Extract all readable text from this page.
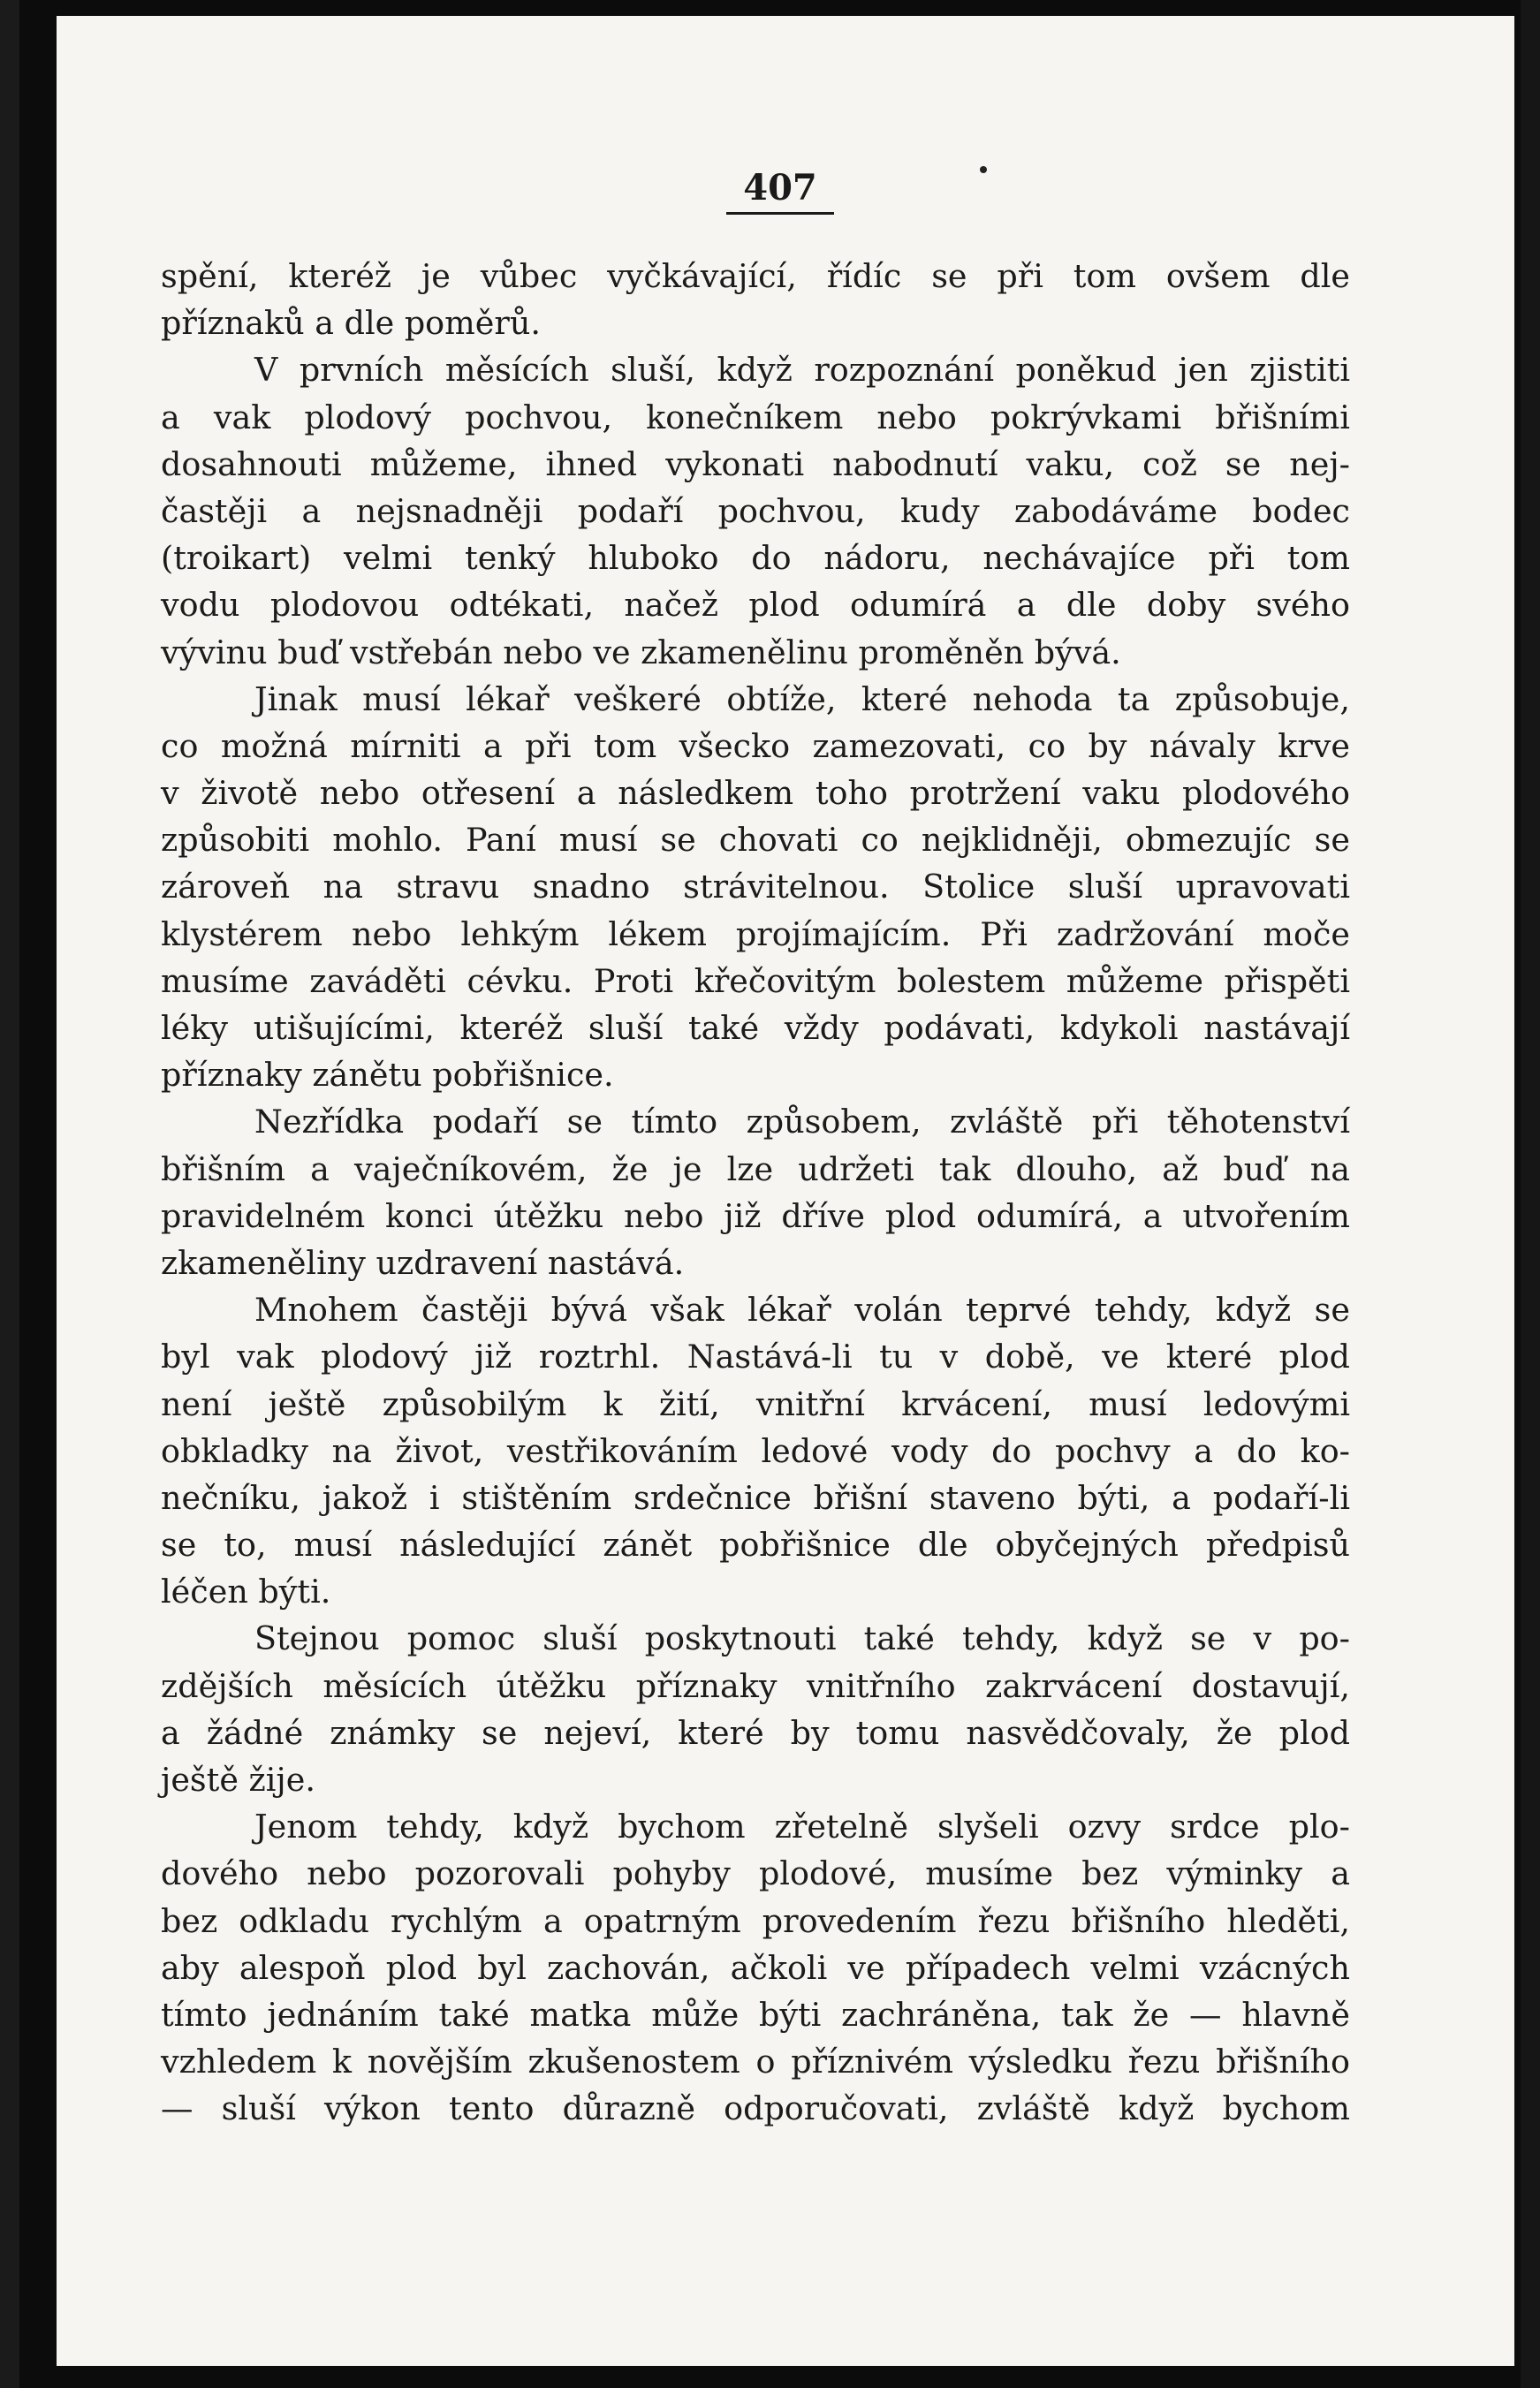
407
spění, kteréž je vůbec vyčkávající, řídíc se při tom ovšem dle
příznaků a dle poměrů.
V prvních měsících sluší, když rozpoznání poněkud jen zjistiti
a vak plodový pochvou, konečníkem nebo pokrývkami břišními
dosahnouti můžeme, ihned vykonati nabodnutí vaku, což se nej-
častěji a nejsnadněji podaří pochvou, kudy zabodáváme bodec
(troikart) velmi tenký hluboko do nádoru, nechávajíce při tom
vodu plodovou odtékati, načež plod odumírá a dle doby svého
vývinu buď vstřebán nebo ve zkamenělinu proměněn bývá.
Jinak musí lékař veškeré obtíže, které nehoda ta způsobuje,
co možná mírniti a při tom všecko zamezovati, co by návaly krve
v životě nebo otřesení a následkem toho protržení vaku plodového
způsobiti mohlo. Paní musí se chovati co nejklidněji, obmezujíc se
zároveň na stravu snadno strávitelnou. Stolice sluší upravovati
klystérem nebo lehkým lékem projímajícím. Při zadržování moče
musíme zaváděti cévku. Proti křečovitým bolestem můžeme přispěti
léky utišujícími, kteréž sluší také vždy podávati, kdykoli nastávají
příznaky zánětu pobřišnice.
Nezřídka podaří se tímto způsobem, zvláště při těhotenství
břišním a vaječníkovém, že je lze udržeti tak dlouho, až buď na
pravidelném konci útěžku nebo již dříve plod odumírá, a utvořením
zkameněliny uzdravení nastává.
Mnohem častěji bývá však lékař volán teprvé tehdy, když se
byl vak plodový již roztrhl. Nastává-li tu v době, ve které plod
není ještě způsobilým k žití, vnitřní krvácení, musí ledovými
obkladky na život, vestřikováním ledové vody do pochvy a do ko-
nečníku, jakož i stištěním srdečnice břišní staveno býti, a podaří-li
se to, musí následující zánět pobřišnice dle obyčejných předpisů
léčen býti.
Stejnou pomoc sluší poskytnouti také tehdy, když se v po-
zdějších měsících útěžku příznaky vnitřního zakrvácení dostavují,
a žádné známky se nejeví, které by tomu nasvědčovaly, že plod
ještě žije.
Jenom tehdy, když bychom zřetelně slyšeli ozvy srdce plo-
dového nebo pozorovali pohyby plodové, musíme bez výminky a
bez odkladu rychlým a opatrným provedením řezu břišního hleděti,
aby alespoň plod byl zachován, ačkoli ve případech velmi vzácných
tímto jednáním také matka může býti zachráněna, tak že — hlavně
vzhledem k novějším zkušenostem o příznivém výsledku řezu břišního
— sluší výkon tento důrazně odporučovati, zvláště když bychom
